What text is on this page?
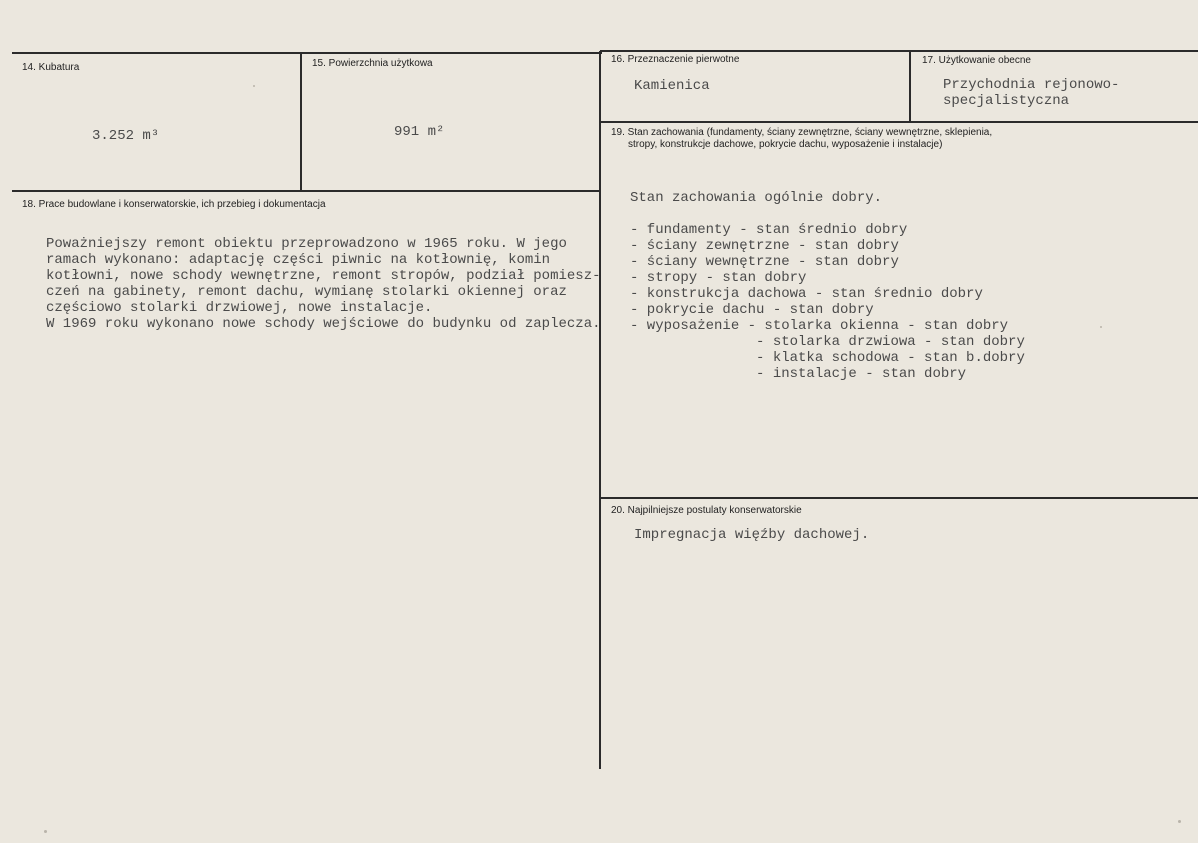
14. Kubatura
3.252 m³
15. Powierzchnia użytkowa
991 m²
16. Przeznaczenie pierwotne
Kamienica
17. Użytkowanie obecne
Przychodnia rejonowo-
specjalistyczna
18. Prace budowlane i konserwatorskie, ich przebieg i dokumentacja
Poważniejszy remont obiektu przeprowadzono w 1965 roku. W jego
ramach wykonano: adaptację części piwnic na kotłownię, komin
kotłowni, nowe schody wewnętrzne, remont stropów, podział pomiesz-
czeń na gabinety, remont dachu, wymianę stolarki okiennej oraz
częściowo stolarki drzwiowej, nowe instalacje.
W 1969 roku wykonano nowe schody wejściowe do budynku od zaplecza.
19. Stan zachowania (fundamenty, ściany zewnętrzne, ściany wewnętrzne, sklepienia,
stropy, konstrukcje dachowe, pokrycie dachu, wyposażenie i instalacje)
Stan zachowania ogólnie dobry.
- fundamenty - stan średnio dobry
- ściany zewnętrzne - stan dobry
- ściany wewnętrzne - stan dobry
- stropy - stan dobry
- konstrukcja dachowa - stan średnio dobry
- pokrycie dachu - stan dobry
- wyposażenie - stolarka okienna - stan dobry
- stolarka drzwiowa - stan dobry
- klatka schodowa - stan b.dobry
- instalacje - stan dobry
20. Najpilniejsze postulaty konserwatorskie
Impregnacja więźby dachowej.
